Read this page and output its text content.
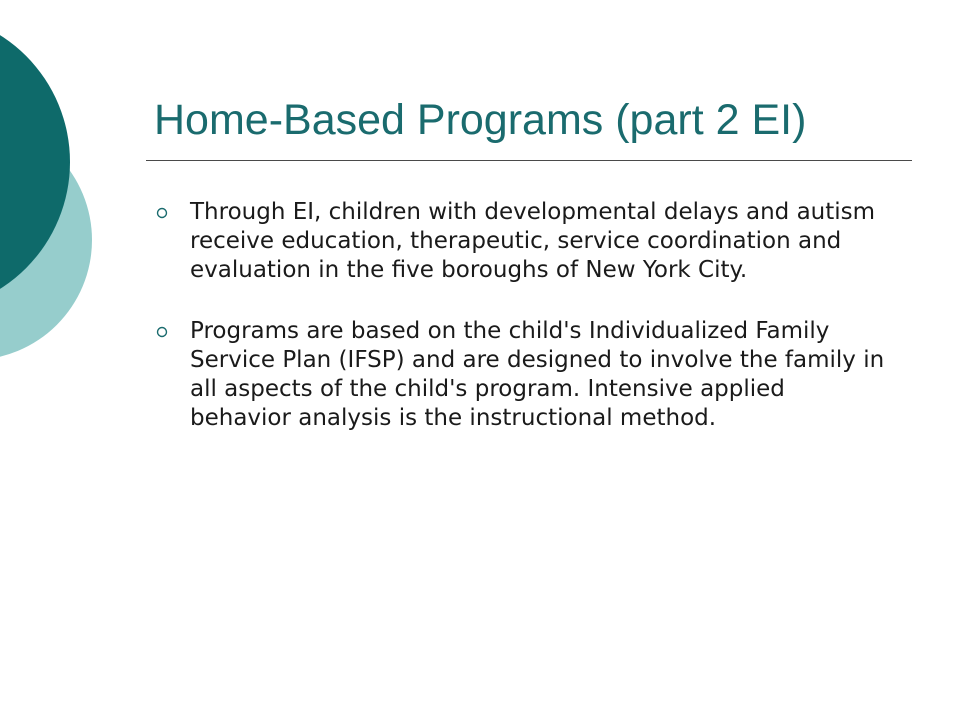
Home-Based Programs (part 2 EI)
Through EI, children with developmental delays and autism receive education, therapeutic, service coordination and evaluation in the five boroughs of New York City.
Programs are based on the child's Individualized Family Service Plan (IFSP) and are designed to involve the family in all aspects of the child's program. Intensive applied behavior analysis is the instructional method.
